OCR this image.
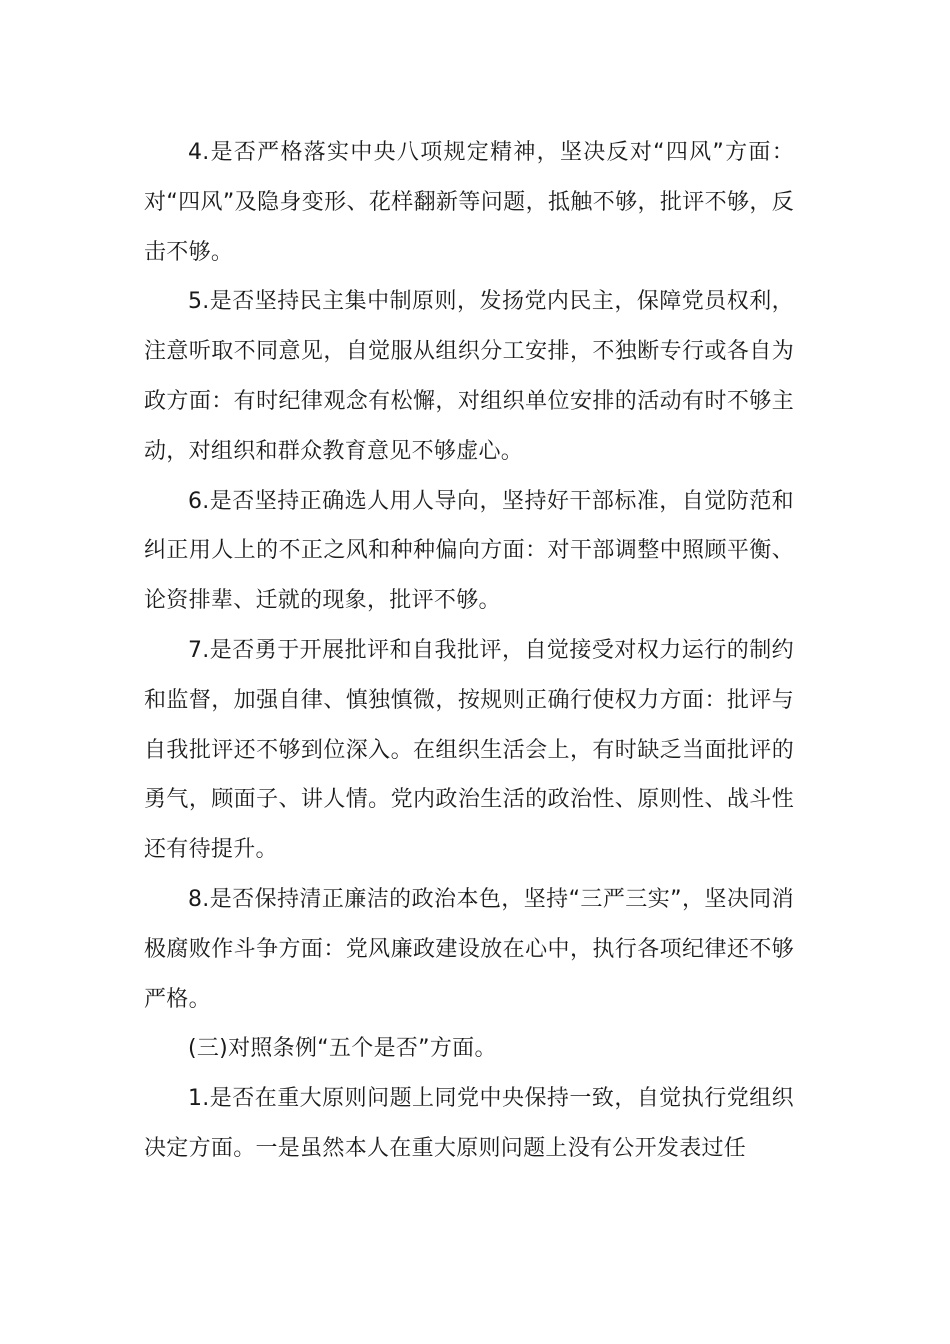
4.是否严格落实中央八项规定精神，坚决反对“四风”方面：对“四风”及隐身变形、花样翻新等问题，抵触不够，批评不够，反击不够。

5.是否坚持民主集中制原则，发扬党内民主，保障党员权利，注意听取不同意见，自觉服从组织分工安排，不独断专行或各自为政方面：有时纪律观念有松懈，对组织单位安排的活动有时不够主动，对组织和群众教育意见不够虚心。

6.是否坚持正确选人用人导向，坚持好干部标准，自觉防范和纠正用人上的不正之风和种种偏向方面：对干部调整中照顾平衡、论资排辈、迁就的现象，批评不够。

7.是否勇于开展批评和自我批评，自觉接受对权力运行的制约和监督，加强自律、慎独慎微，按规则正确行使权力方面：批评与自我批评还不够到位深入。在组织生活会上，有时缺乏当面批评的勇气，顾面子、讲人情。党内政治生活的政治性、原则性、战斗性还有待提升。

8.是否保持清正廉洁的政治本色，坚持“三严三实”，坚决同消极腐败作斗争方面：党风廉政建设放在心中，执行各项纪律还不够严格。

(三)对照条例“五个是否”方面。

1.是否在重大原则问题上同党中央保持一致，自觉执行党组织决定方面。一是虽然本人在重大原则问题上没有公开发表过任
